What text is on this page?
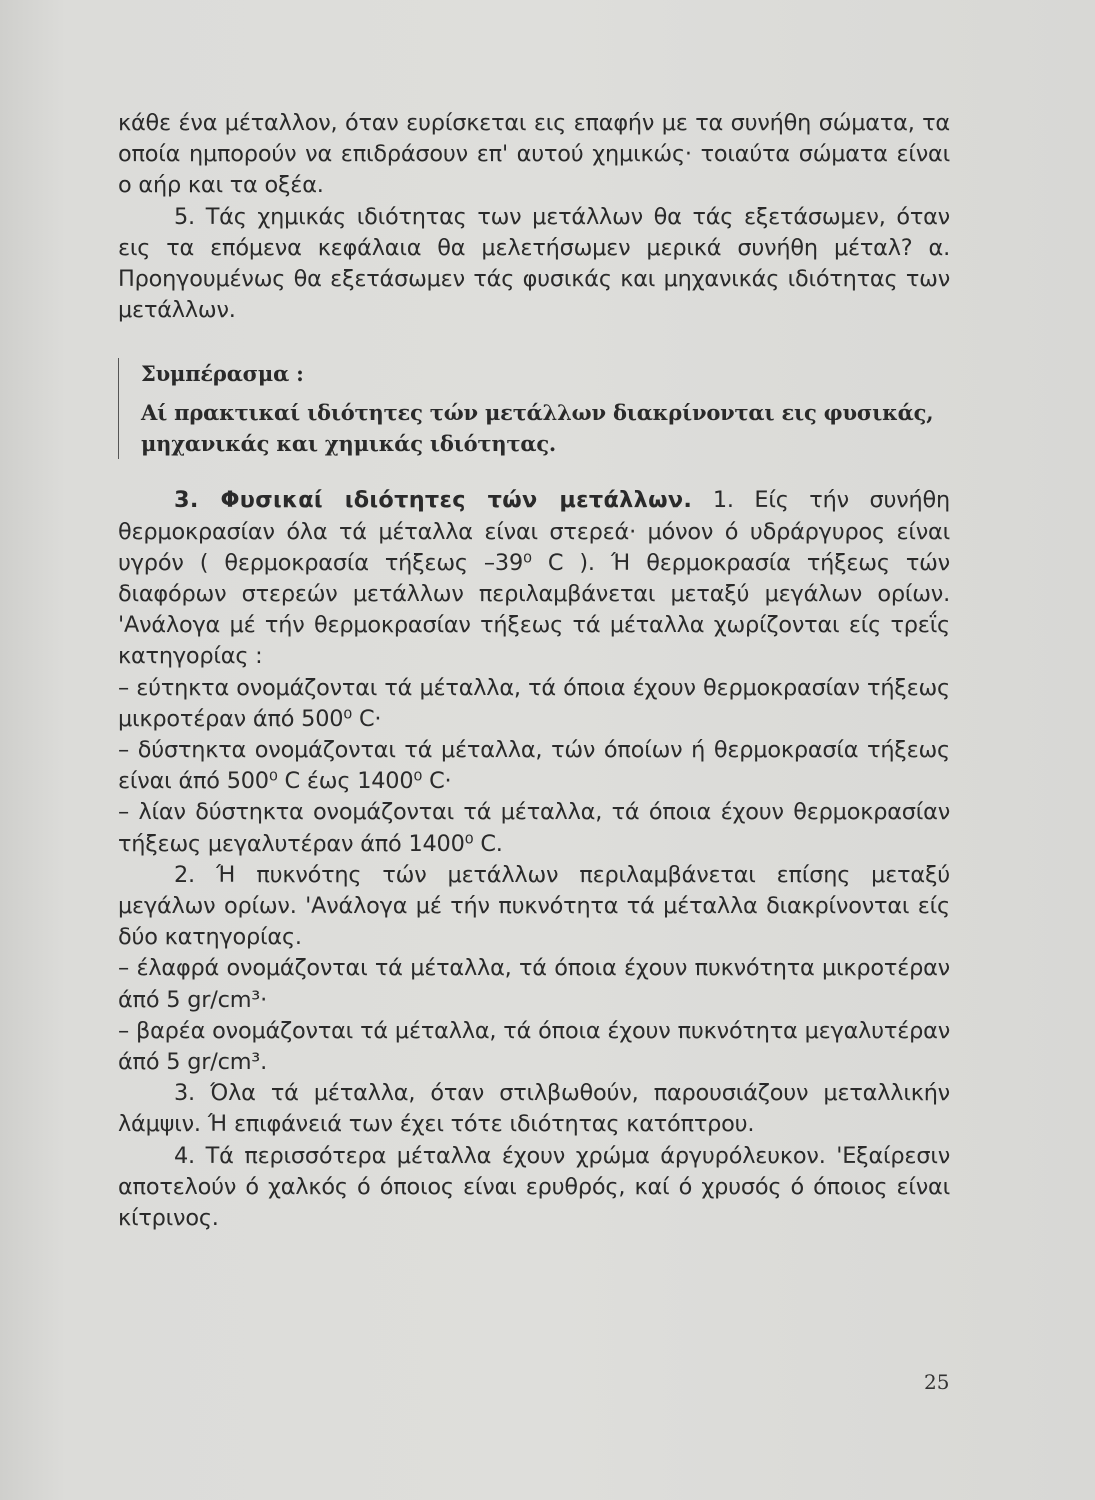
κάθε ένα μέταλλον, όταν ευρίσκεται εις επαφήν με τα συνήθη σώματα, τα οποία ημπορούν να επιδράσουν επ' αυτού χημικώς· τοιαύτα σώματα είναι ο αήρ και τα οξέα.

5. Τάς χημικάς ιδιότητας των μετάλλων θα τάς εξετάσωμεν, όταν εις τα επόμενα κεφάλαια θα μελετήσωμεν μερικά συνήθη μέταλ? α. Προηγουμένως θα εξετάσωμεν τάς φυσικάς και μηχανικάς ιδιότητας των μετάλλων.

Συμπέρασμα :
Αί πρακτικαί ιδιότητες τών μετάλλων διακρίνονται εις φυσικάς, μηχανικάς και χημικάς ιδιότητας.

3. Φυσικαί ιδιότητες τών μετάλλων. 1. Είς τήν συνήθη θερμοκρασίαν όλα τά μέταλλα είναι στερεά· μόνον ό υδράργυρος είναι υγρόν ( θερμοκρασία τήξεως –39⁰ C ). Ή θερμοκρασία τήξεως τών διαφόρων στερεών μετάλλων περιλαμβάνεται μεταξύ μεγάλων ορίων. 'Ανάλογα μέ τήν θερμοκρασίαν τήξεως τά μέταλλα χωρίζονται είς τρεΐς κατηγορίας :

– εύτηκτα ονομάζονται τά μέταλλα, τά όποια έχουν θερμοκρασίαν τήξεως μικροτέραν άπό 500⁰ C·

– δύστηκτα ονομάζονται τά μέταλλα, τών όποίων ή θερμοκρασία τήξεως είναι άπό 500⁰ C έως 1400⁰ C·

– λίαν δύστηκτα ονομάζονται τά μέταλλα, τά όποια έχουν θερμοκρασίαν τήξεως μεγαλυτέραν άπό 1400⁰ C.

2. Ή πυκνότης τών μετάλλων περιλαμβάνεται επίσης μεταξύ μεγάλων ορίων. 'Ανάλογα μέ τήν πυκνότητα τά μέταλλα διακρίνονται είς δύο κατηγορίας.

– έλαφρά ονομάζονται τά μέταλλα, τά όποια έχουν πυκνότητα μικροτέραν άπό 5 gr/cm³·

– βαρέα ονομάζονται τά μέταλλα, τά όποια έχουν πυκνότητα μεγαλυτέραν άπό 5 gr/cm³.

3. Όλα τά μέταλλα, όταν στιλβωθούν, παρουσιάζουν μεταλλικήν λάμψιν. Ή επιφάνειά των έχει τότε ιδιότητας κατόπτρου.

4. Τά περισσότερα μέταλλα έχουν χρώμα άργυρόλευκον. 'Εξαίρεσιν αποτελούν ό χαλκός ό όποιος είναι ερυθρός, καί ό χρυσός ό όποιος είναι κίτρινος.

25
